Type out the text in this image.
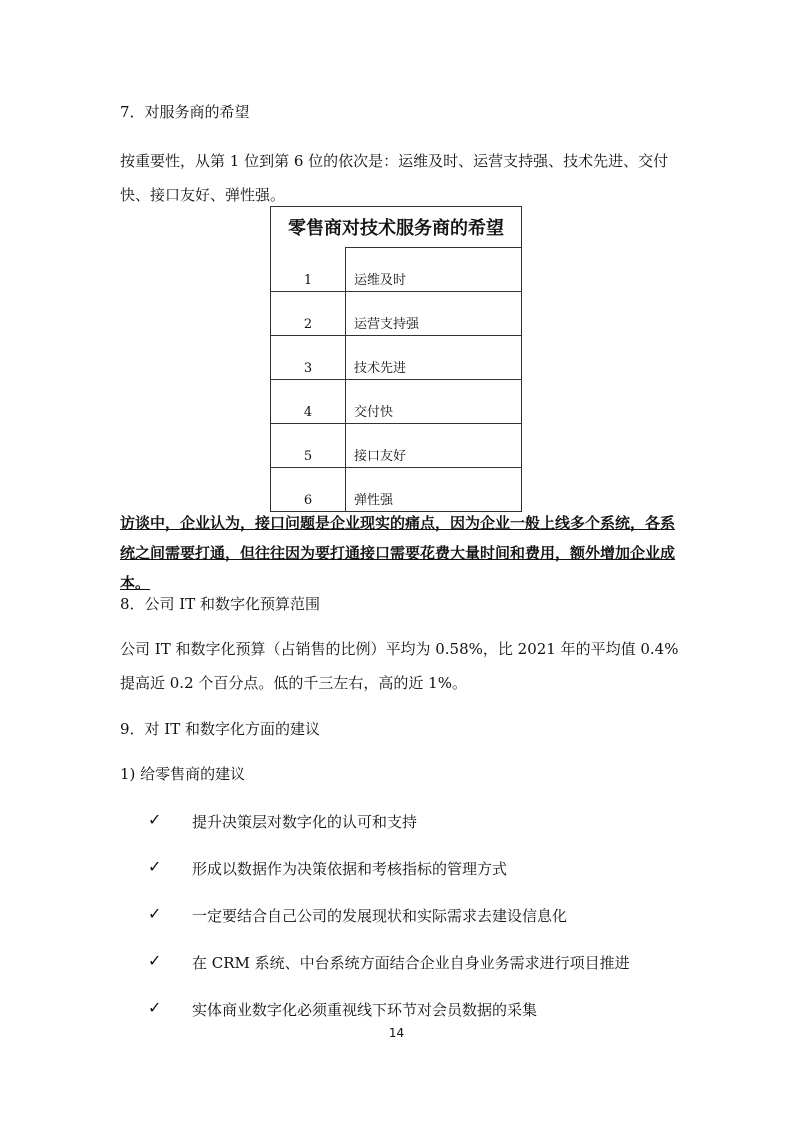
7．对服务商的希望
按重要性，从第 1 位到第 6 位的依次是：运维及时、运营支持强、技术先进、交付快、接口友好、弹性强。
零售商对技术服务商的希望	
1	运维及时
2	运营支持强
3	技术先进
4	交付快
5	接口友好
6	弹性强
访谈中，企业认为，接口问题是企业现实的痛点，因为企业一般上线多个系统，各系统之间需要打通，但往往因为要打通接口需要花费大量时间和费用，额外增加企业成本。
8．公司 IT 和数字化预算范围
公司 IT 和数字化预算（占销售的比例）平均为 0.58%，比 2021 年的平均值 0.4%提高近 0.2 个百分点。低的千三左右，高的近 1%。
9．对 IT 和数字化方面的建议
1) 给零售商的建议
✓ 提升决策层对数字化的认可和支持
✓ 形成以数据作为决策依据和考核指标的管理方式
✓ 一定要结合自己公司的发展现状和实际需求去建设信息化
✓ 在 CRM 系统、中台系统方面结合企业自身业务需求进行项目推进
✓ 实体商业数字化必须重视线下环节对会员数据的采集
14
